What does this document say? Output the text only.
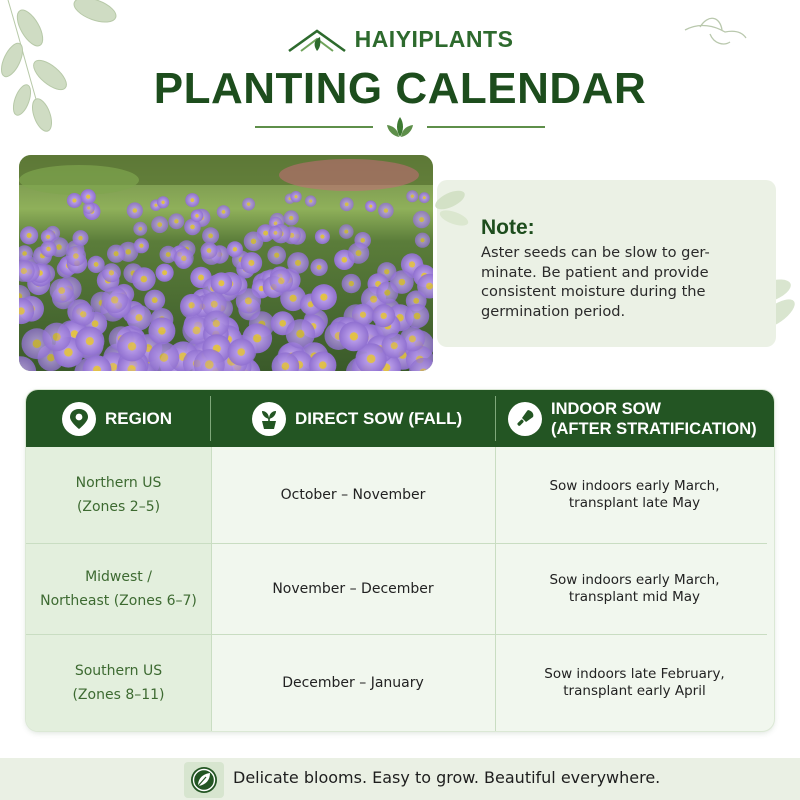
HAIYIPLANTS
PLANTING CALENDAR
Note:
Aster seeds can be slow to ger-
minate. Be patient and provide
consistent moisture during the
germination period.
REGION	DIRECT SOW (FALL)	INDOOR SOW
(AFTER STRATIFICATION)
Northern US
(Zones 2–5)
October – November
Sow indoors early March,
transplant late May
Midwest /
Northeast (Zones 6–7)
November – December
Sow indoors early March,
transplant mid May
Southern US
(Zones 8–11)
December – January
Sow indoors late February,
transplant early April
Delicate blooms. Easy to grow. Beautiful everywhere.
